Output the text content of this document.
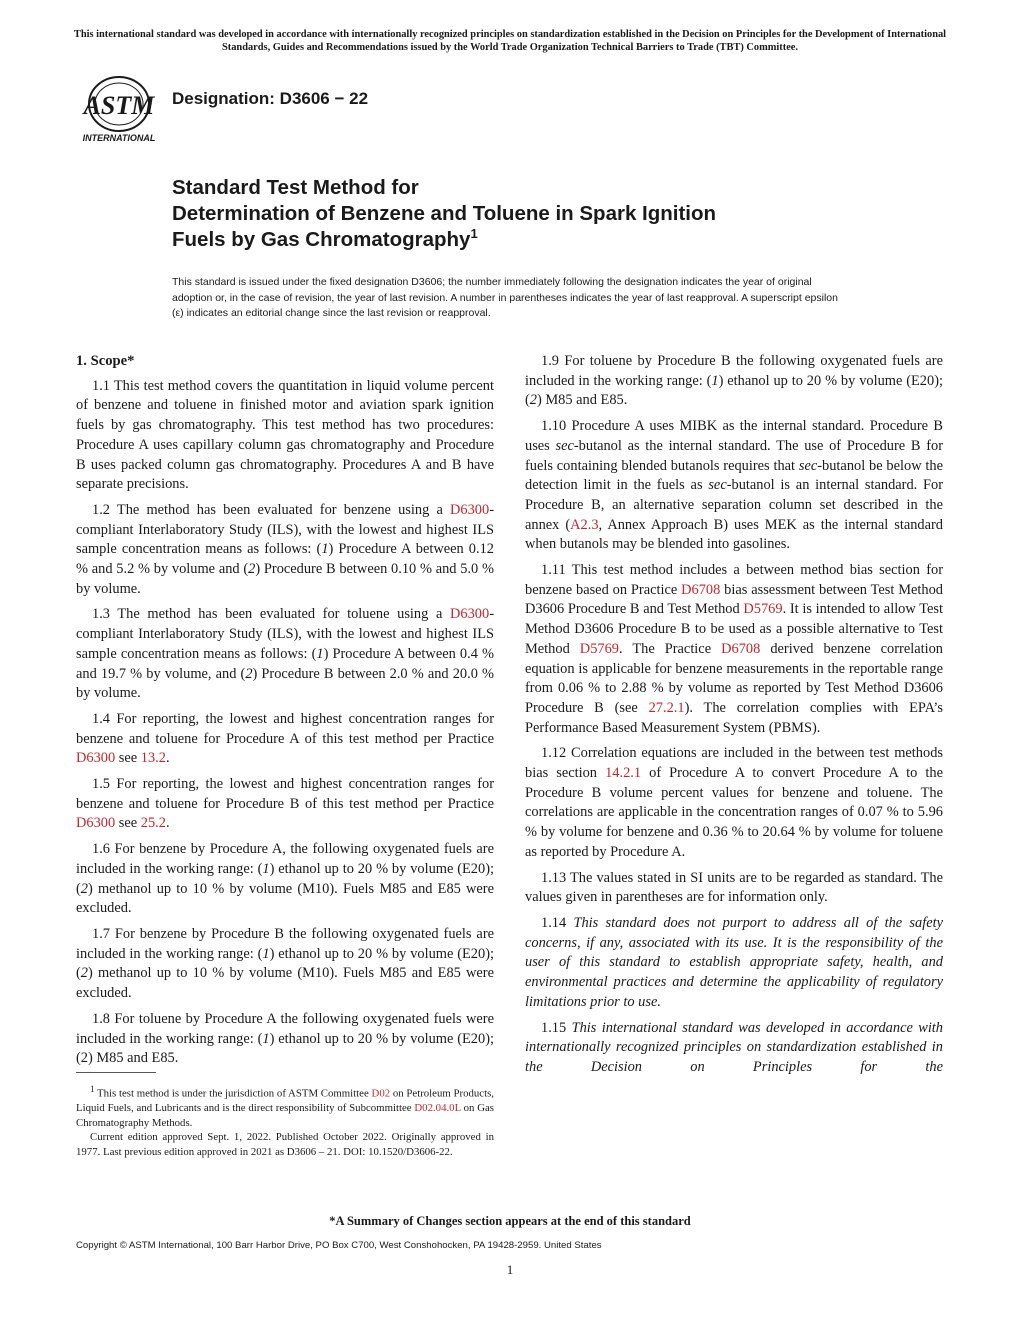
This international standard was developed in accordance with internationally recognized principles on standardization established in the Decision on Principles for the Development of International Standards, Guides and Recommendations issued by the World Trade Organization Technical Barriers to Trade (TBT) Committee.
ASTM
INTERNATIONAL
Designation: D3606 − 22
Standard Test Method for
Determination of Benzene and Toluene in Spark Ignition
Fuels by Gas Chromatography$^1$
This standard is issued under the fixed designation D3606; the number immediately following the designation indicates the year of original adoption or, in the case of revision, the year of last revision. A number in parentheses indicates the year of last reapproval. A superscript epsilon (ε) indicates an editorial change since the last revision or reapproval.
1. Scope*

1.1 This test method covers the quantitation in liquid volume percent of benzene and toluene in finished motor and aviation spark ignition fuels by gas chromatography. This test method has two procedures: Procedure A uses capillary column gas chromatography and Procedure B uses packed column gas chromatography. Procedures A and B have separate precisions.

1.2 The method has been evaluated for benzene using a D6300-compliant Interlaboratory Study (ILS), with the lowest and highest ILS sample concentration means as follows: (1) Procedure A between 0.12 % and 5.2 % by volume and (2) Procedure B between 0.10 % and 5.0 % by volume.

1.3 The method has been evaluated for toluene using a D6300-compliant Interlaboratory Study (ILS), with the lowest and highest ILS sample concentration means as follows: (1) Procedure A between 0.4 % and 19.7 % by volume, and (2) Procedure B between 2.0 % and 20.0 % by volume.

1.4 For reporting, the lowest and highest concentration ranges for benzene and toluene for Procedure A of this test method per Practice D6300 see 13.2.

1.5 For reporting, the lowest and highest concentration ranges for benzene and toluene for Procedure B of this test method per Practice D6300 see 25.2.

1.6 For benzene by Procedure A, the following oxygenated fuels are included in the working range: (1) ethanol up to 20 % by volume (E20); (2) methanol up to 10 % by volume (M10). Fuels M85 and E85 were excluded.

1.7 For benzene by Procedure B the following oxygenated fuels are included in the working range: (1) ethanol up to 20 % by volume (E20); (2) methanol up to 10 % by volume (M10). Fuels M85 and E85 were excluded.

1.8 For toluene by Procedure A the following oxygenated fuels were included in the working range: (1) ethanol up to 20 % by volume (E20); (2) M85 and E85.

$^1$ This test method is under the jurisdiction of ASTM Committee D02 on Petroleum Products, Liquid Fuels, and Lubricants and is the direct responsibility of Subcommittee D02.04.0L on Gas Chromatography Methods.

Current edition approved Sept. 1, 2022. Published October 2022. Originally approved in 1977. Last previous edition approved in 2021 as D3606 – 21. DOI: 10.1520/D3606-22.

1.9 For toluene by Procedure B the following oxygenated fuels are included in the working range: (1) ethanol up to 20 % by volume (E20); (2) M85 and E85.

1.10 Procedure A uses MIBK as the internal standard. Procedure B uses sec-butanol as the internal standard. The use of Procedure B for fuels containing blended butanols requires that sec-butanol be below the detection limit in the fuels as sec-butanol is an internal standard. For Procedure B, an alternative separation column set described in the annex (A2.3, Annex Approach B) uses MEK as the internal standard when butanols may be blended into gasolines.

1.11 This test method includes a between method bias section for benzene based on Practice D6708 bias assessment between Test Method D3606 Procedure B and Test Method D5769. It is intended to allow Test Method D3606 Procedure B to be used as a possible alternative to Test Method D5769. The Practice D6708 derived benzene correlation equation is applicable for benzene measurements in the reportable range from 0.06 % to 2.88 % by volume as reported by Test Method D3606 Procedure B (see 27.2.1). The correlation complies with EPA’s Performance Based Measurement System (PBMS).

1.12 Correlation equations are included in the between test methods bias section 14.2.1 of Procedure A to convert Procedure A to the Procedure B volume percent values for benzene and toluene. The correlations are applicable in the concentration ranges of 0.07 % to 5.96 % by volume for benzene and 0.36 % to 20.64 % by volume for toluene as reported by Procedure A.

1.13 The values stated in SI units are to be regarded as standard. The values given in parentheses are for information only.

1.14 This standard does not purport to address all of the safety concerns, if any, associated with its use. It is the responsibility of the user of this standard to establish appropriate safety, health, and environmental practices and determine the applicability of regulatory limitations prior to use.

1.15 This international standard was developed in accordance with internationally recognized principles on standardization established in the Decision on Principles for the

*A Summary of Changes section appears at the end of this standard
Copyright © ASTM International, 100 Barr Harbor Drive, PO Box C700, West Conshohocken, PA 19428-2959. United States
1
